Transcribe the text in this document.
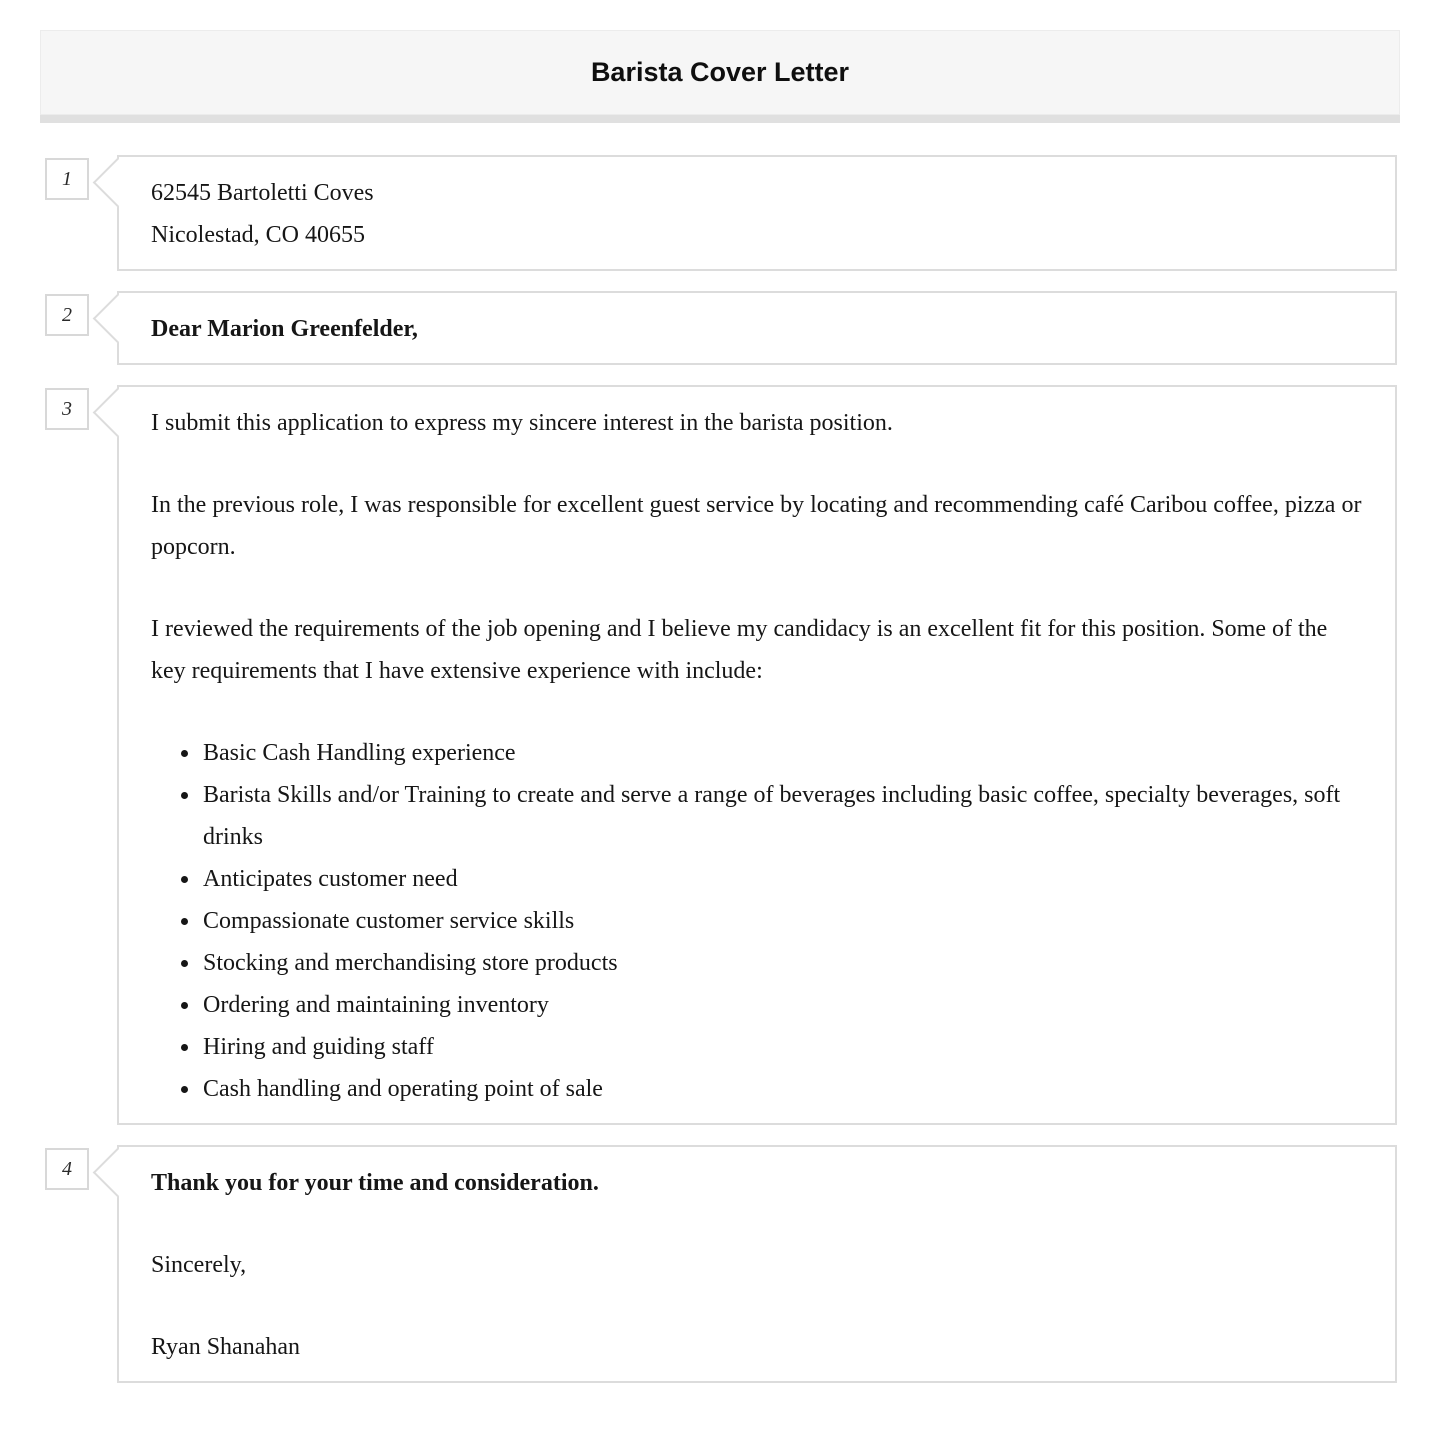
Barista Cover Letter
1
62545 Bartoletti Coves
Nicolestad, CO 40655
2
Dear Marion Greenfelder,
3

I submit this application to express my sincere interest in the barista position.

In the previous role, I was responsible for excellent guest service by locating and recommending café Caribou coffee, pizza or popcorn.

I reviewed the requirements of the job opening and I believe my candidacy is an excellent fit for this position. Some of the key requirements that I have extensive experience with include:

• Basic Cash Handling experience
• Barista Skills and/or Training to create and serve a range of beverages including basic coffee, specialty beverages, soft drinks
• Anticipates customer need
• Compassionate customer service skills
• Stocking and merchandising store products
• Ordering and maintaining inventory
• Hiring and guiding staff
• Cash handling and operating point of sale
4

Thank you for your time and consideration.

Sincerely,

Ryan Shanahan
